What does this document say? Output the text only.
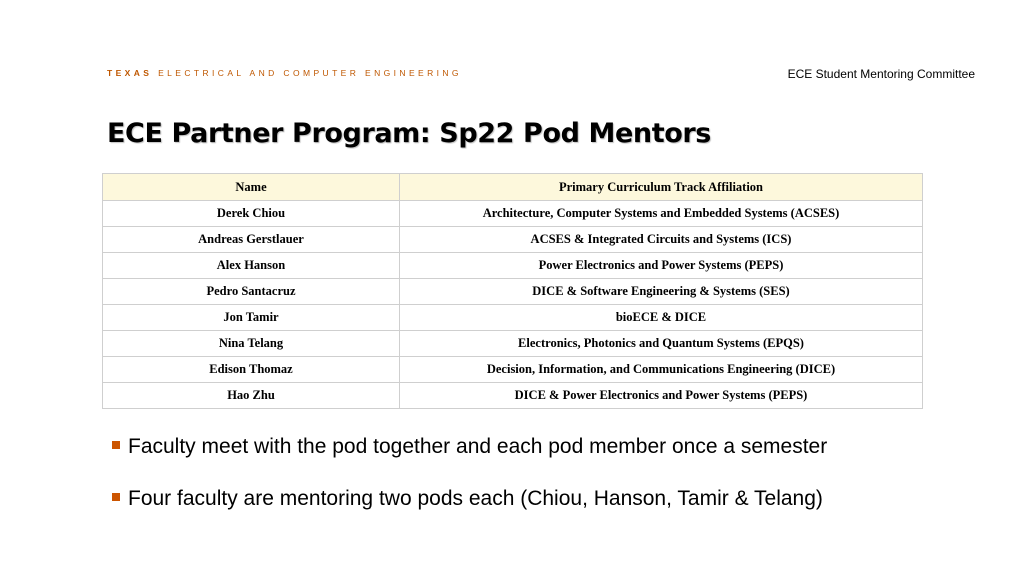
TEXAS ELECTRICAL AND COMPUTER ENGINEERING	ECE Student Mentoring Committee
ECE Partner Program: Sp22 Pod Mentors
Name	Primary Curriculum Track Affiliation
Derek Chiou	Architecture, Computer Systems and Embedded Systems (ACSES)
Andreas Gerstlauer	ACSES & Integrated Circuits and Systems (ICS)
Alex Hanson	Power Electronics and Power Systems (PEPS)
Pedro Santacruz	DICE & Software Engineering & Systems (SES)
Jon Tamir	bioECE & DICE
Nina Telang	Electronics, Photonics and Quantum Systems (EPQS)
Edison Thomaz	Decision, Information, and Communications Engineering (DICE)
Hao Zhu	DICE & Power Electronics and Power Systems (PEPS)
Faculty meet with the pod together and each pod member once a semester
Four faculty are mentoring two pods each (Chiou, Hanson, Tamir & Telang)
